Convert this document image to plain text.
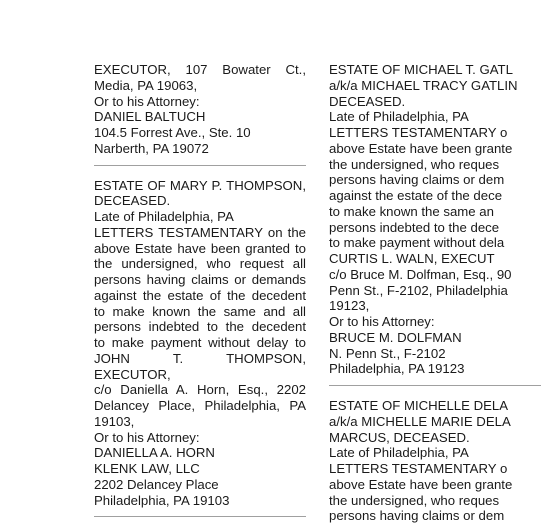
EXECUTOR, 107 Bowater Ct.,
Media, PA 19063,
Or to his Attorney:
DANIEL BALTUCH
104.5 Forrest Ave., Ste. 10
Narberth, PA 19072
ESTATE OF MARY P. THOMPSON,
DECEASED.
Late of Philadelphia, PA
LETTERS TESTAMENTARY on the
above Estate have been granted to
the undersigned, who request all
persons having claims or demands
against the estate of the decedent
to make known the same and all
persons indebted to the decedent
to make payment without delay to
JOHN T. THOMPSON, EXECUTOR,
c/o Daniella A. Horn, Esq., 2202
Delancey Place, Philadelphia, PA
19103,
Or to his Attorney:
DANIELLA A. HORN
KLENK LAW, LLC
2202 Delancey Place
Philadelphia, PA 19103
ESTATE OF MICHAEL T. GATL
a/k/a MICHAEL TRACY GATLIN
DECEASED.
Late of Philadelphia, PA
LETTERS TESTAMENTARY o
above Estate have been grante
the undersigned, who reques
persons having claims or dem
against the estate of the dece
to make known the same an
persons indebted to the dece
to make payment without dela
CURTIS L. WALN, EXECUT
c/o Bruce M. Dolfman, Esq., 90
Penn St., F-2102, Philadelphia
19123,
Or to his Attorney:
BRUCE M. DOLFMAN
N. Penn St., F-2102
Philadelphia, PA 19123
ESTATE OF MICHELLE DELA
a/k/a MICHELLE MARIE DELA
MARCUS, DECEASED.
Late of Philadelphia, PA
LETTERS TESTAMENTARY o
above Estate have been grante
the undersigned, who reques
persons having claims or dem
